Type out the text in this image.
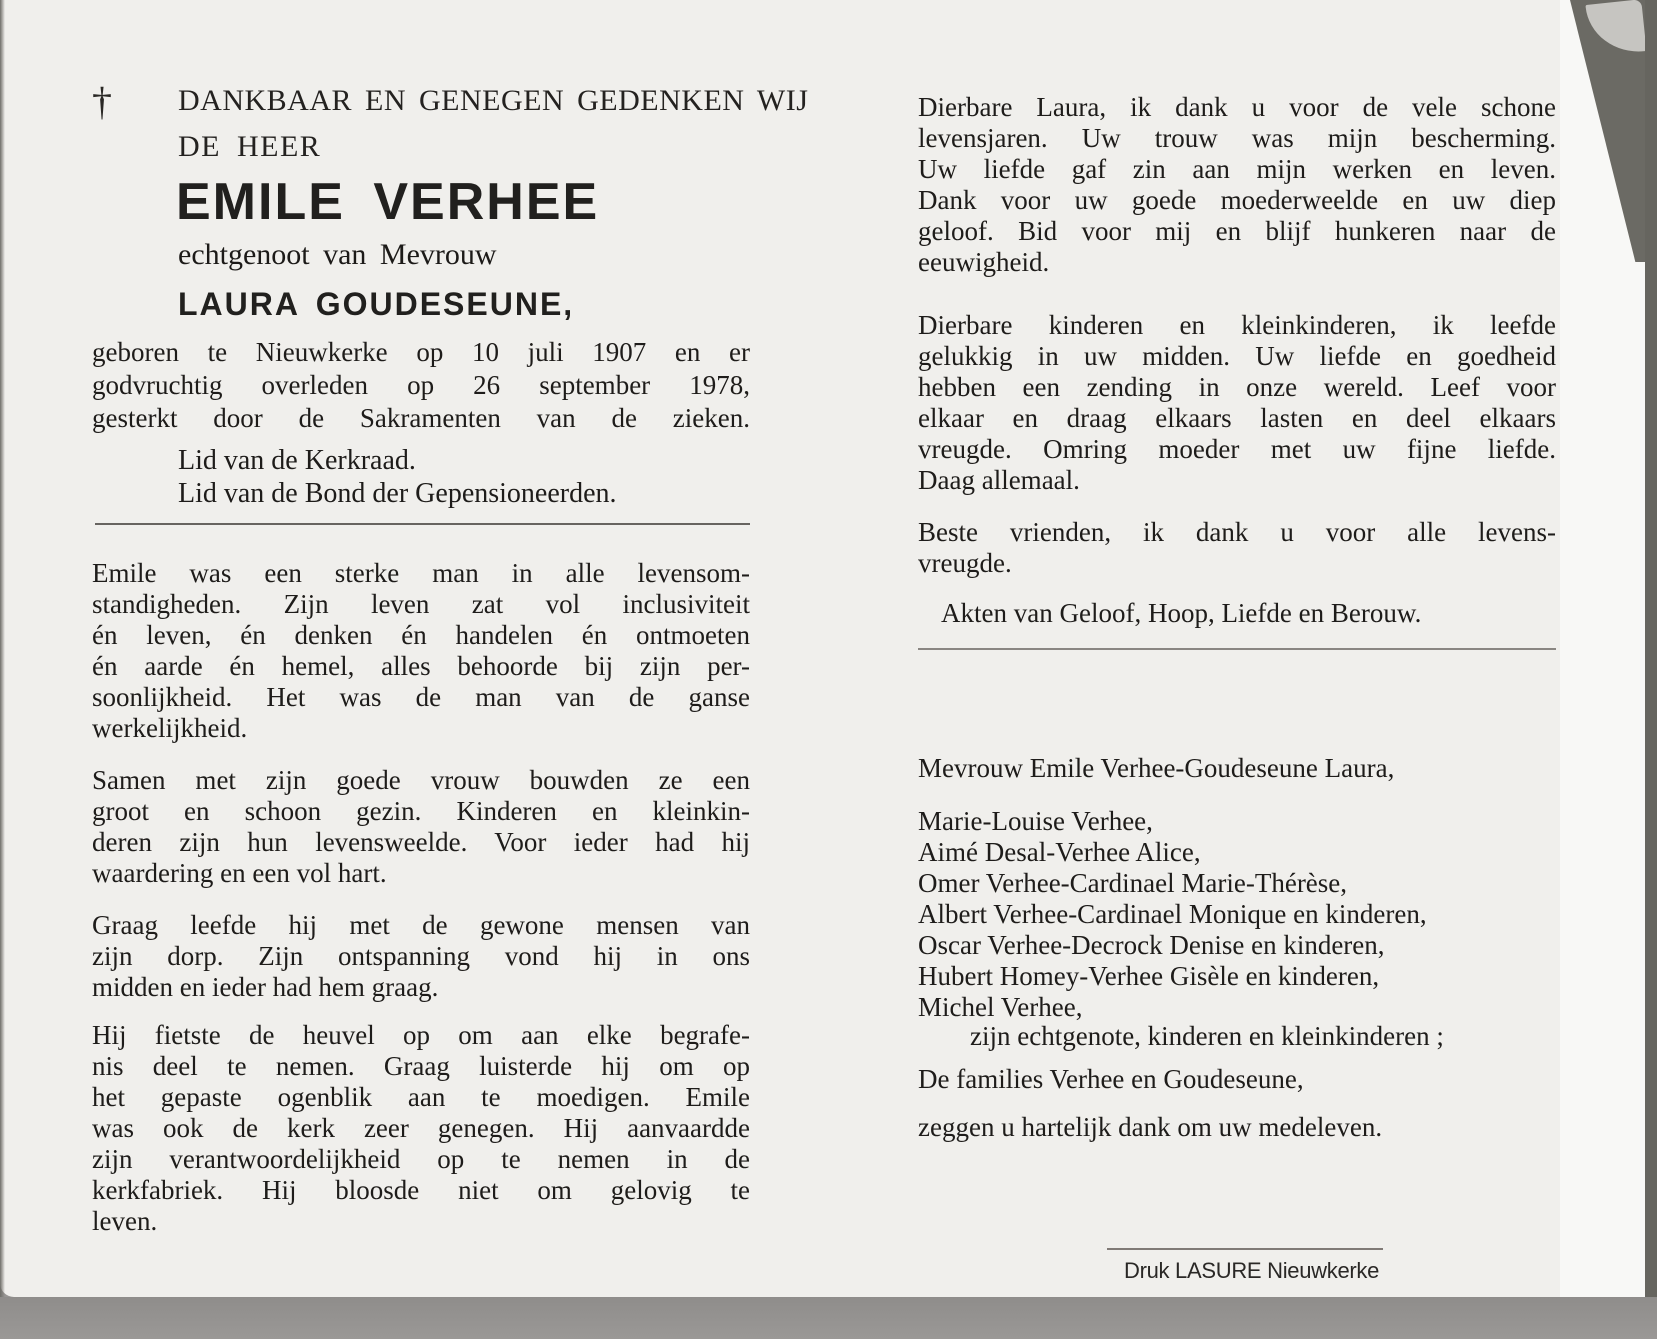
† DANKBAAR EN GENEGEN GEDENKEN WIJ
DE HEER
EMILE VERHEE
echtgenoot van Mevrouw
LAURA GOUDESEUNE,
geboren te Nieuwkerke op 10 juli 1907 en er
godvruchtig overleden op 26 september 1978,
gesterkt door de Sakramenten van de zieken.
Lid van de Kerkraad.
Lid van de Bond der Gepensioneerden.
Emile was een sterke man in alle levensom-
standigheden. Zijn leven zat vol inclusiviteit
én leven, én denken én handelen én ontmoeten
én aarde én hemel, alles behoorde bij zijn per-
soonlijkheid. Het was de man van de ganse
werkelijkheid.
Samen met zijn goede vrouw bouwden ze een
groot en schoon gezin. Kinderen en kleinkin-
deren zijn hun levensweelde. Voor ieder had hij
waardering en een vol hart.
Graag leefde hij met de gewone mensen van
zijn dorp. Zijn ontspanning vond hij in ons
midden en ieder had hem graag.
Hij fietste de heuvel op om aan elke begrafe-
nis deel te nemen. Graag luisterde hij om op
het gepaste ogenblik aan te moedigen. Emile
was ook de kerk zeer genegen. Hij aanvaardde
zijn verantwoordelijkheid op te nemen in de
kerkfabriek. Hij bloosde niet om gelovig te
leven.
Dierbare Laura, ik dank u voor de vele schone
levensjaren. Uw trouw was mijn bescherming.
Uw liefde gaf zin aan mijn werken en leven.
Dank voor uw goede moederweelde en uw diep
geloof. Bid voor mij en blijf hunkeren naar de
eeuwigheid.
Dierbare kinderen en kleinkinderen, ik leefde
gelukkig in uw midden. Uw liefde en goedheid
hebben een zending in onze wereld. Leef voor
elkaar en draag elkaars lasten en deel elkaars
vreugde. Omring moeder met uw fijne liefde.
Daag allemaal.
Beste vrienden, ik dank u voor alle levens-
vreugde.
Akten van Geloof, Hoop, Liefde en Berouw.
Mevrouw Emile Verhee-Goudeseune Laura,
Marie-Louise Verhee,
Aimé Desal-Verhee Alice,
Omer Verhee-Cardinael Marie-Thérèse,
Albert Verhee-Cardinael Monique en kinderen,
Oscar Verhee-Decrock Denise en kinderen,
Hubert Homey-Verhee Gisèle en kinderen,
Michel Verhee,
zijn echtgenote, kinderen en kleinkinderen ;
De families Verhee en Goudeseune,
zeggen u hartelijk dank om uw medeleven.
Druk LASURE Nieuwkerke
